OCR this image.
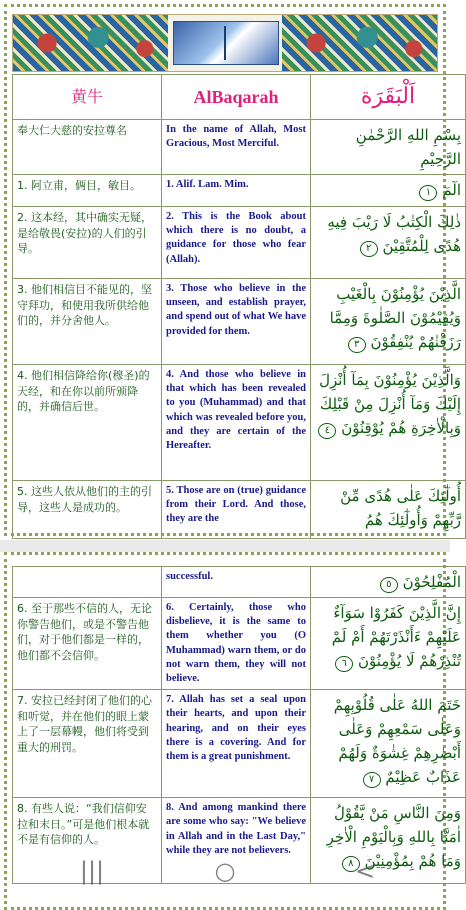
黄牛	AlBaqarah	اَلْبَقَرَة
奉大仁大慈的安拉尊名	In the name of Allah, Most Gracious, Most Merciful.	بِسْمِ اللهِ الرَّحْمٰنِ الرَّحِيْمِ
1. 阿立甫，俩目，敏目。	1. Alif. Lam. Mim.	الٓمٓ ١
2. 这本经，其中确实无疑，是给敬畏(安拉)的人们的引导。	2. This is the Book about which there is no doubt, a guidance for those who fear (Allah).	ذٰلِكَ الْكِتٰبُ لَا رَيْبَ فِيهِ هُدًى لِلْمُتَّقِيْنَ ٢
3. 他们相信目不能见的，坚守拜功，和使用我所供给他们的，并分舍他人。	3. Those who believe in the unseen, and establish prayer, and spend out of what We have provided for them.	الَّذِيْنَ يُؤْمِنُوْنَ بِالْغَيْبِ وَيُقِيْمُوْنَ الصَّلٰوةَ وَمِمَّا رَزَقْنٰهُمْ يُنْفِقُوْنَ ٣
4. 他们相信降给你(穆圣)的天经，和在你以前所颁降的，并确信后世。	4. And those who believe in that which has been revealed to you (Muhammad) and that which was revealed before you, and they are certain of the Hereafter.	وَالَّذِيْنَ يُؤْمِنُوْنَ بِمَآ أُنْزِلَ إِلَيْكَ وَمَآ أُنْزِلَ مِنْ قَبْلِكَ وَبِالْاٰخِرَةِ هُمْ يُوْقِنُوْنَ ٤
5. 这些人依从他们的主的引导，这些人是成功的。	5. Those are on (true) guidance from their Lord. And those, they are the	أُولٰٓئِكَ عَلٰى هُدًى مِّنْ رَّبِّهِمْ وَأُولٰٓئِكَ هُمُ
	successful.	الْمُفْلِحُوْنَ ٥
6. 至于那些不信的人，无论你警告他们，或是不警告他们，对于他们都是一样的，他们都不会信仰。	6. Certainly, those who disbelieve, it is the same to them whether you (O Muhammad) warn them, or do not warn them, they will not believe.	إِنَّ الَّذِيْنَ كَفَرُوْا سَوَآءٌ عَلَيْهِمْ ءَأَنْذَرْتَهُمْ أَمْ لَمْ تُنْذِرْهُمْ لَا يُؤْمِنُوْنَ ٦
7. 安拉已经封闭了他们的心和听觉，并在他们的眼上蒙上了一层幕幔，他们将受到重大的刑罚。	7. Allah has set a seal upon their hearts, and upon their hearing, and on their eyes there is a covering. And for them is a great punishment.	خَتَمَ اللهُ عَلٰى قُلُوْبِهِمْ وَعَلٰى سَمْعِهِمْ وَعَلٰى أَبْصٰرِهِمْ غِشٰوَةٌ وَلَهُمْ عَذَابٌ عَظِيْمٌ ٧
8. 有些人说：“我们信仰安拉和末日。”可是他们根本就不是有信仰的人。	8. And among mankind there are some who say: "We believe in Allah and in the Last Day," while they are not believers.	وَمِنَ النَّاسِ مَنْ يَّقُوْلُ اٰمَنَّا بِاللهِ وَبِالْيَوْمِ الْاٰخِرِ وَمَا هُمْ بِمُؤْمِنِيْنَ ٨
|||	○	<
